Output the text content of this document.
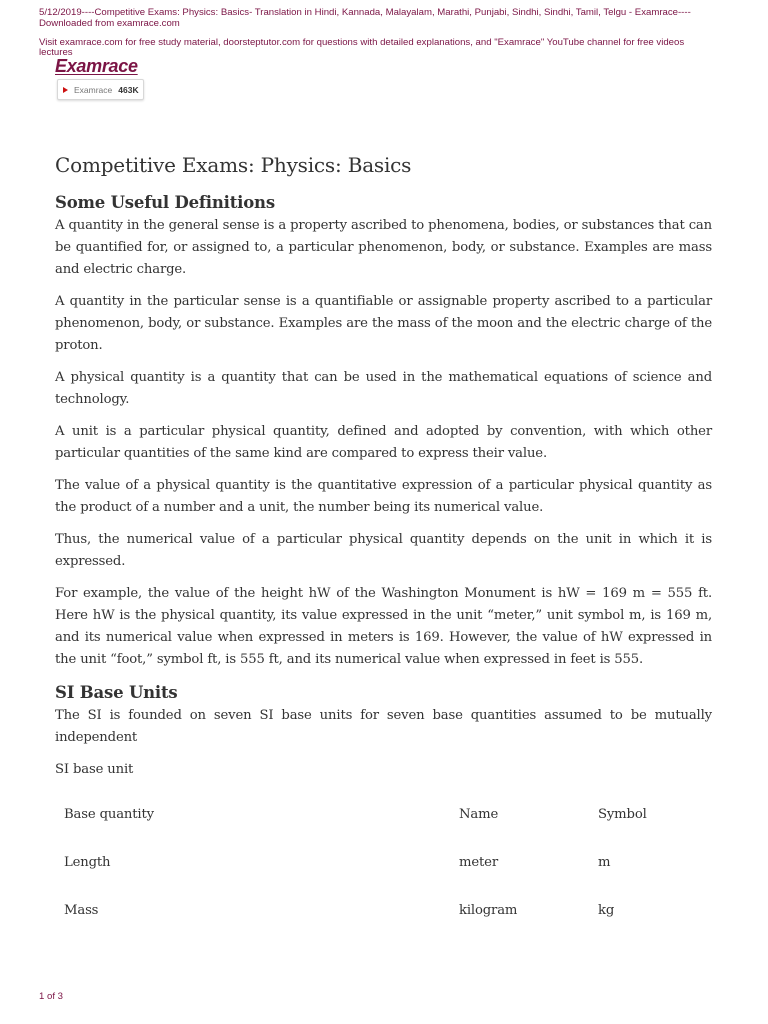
5/12/2019----Competitive Exams: Physics: Basics- Translation in Hindi, Kannada, Malayalam, Marathi, Punjabi, Sindhi, Sindhi, Tamil, Telgu - Examrace----Downloaded from examrace.com
Visit examrace.com for free study material, doorsteptutor.com for questions with detailed explanations, and "Examrace" YouTube channel for free videos lectures
Examrace
Examrace 463K
Competitive Exams: Physics: Basics
Some Useful Definitions

A quantity in the general sense is a property ascribed to phenomena, bodies, or substances that can be quantified for, or assigned to, a particular phenomenon, body, or substance. Examples are mass and electric charge.

A quantity in the particular sense is a quantifiable or assignable property ascribed to a particular phenomenon, body, or substance. Examples are the mass of the moon and the electric charge of the proton.

A physical quantity is a quantity that can be used in the mathematical equations of science and technology.

A unit is a particular physical quantity, defined and adopted by convention, with which other particular quantities of the same kind are compared to express their value.

The value of a physical quantity is the quantitative expression of a particular physical quantity as the product of a number and a unit, the number being its numerical value.

Thus, the numerical value of a particular physical quantity depends on the unit in which it is expressed.

For example, the value of the height hW of the Washington Monument is hW = 169 m = 555 ft. Here hW is the physical quantity, its value expressed in the unit “meter,” unit symbol m, is 169 m, and its numerical value when expressed in meters is 169. However, the value of hW expressed in the unit “foot,” symbol ft, is 555 ft, and its numerical value when expressed in feet is 555.

SI Base Units

The SI is founded on seven SI base units for seven base quantities assumed to be mutually independent

SI base unit

Base quantity	Name	Symbol
Length	meter	m
Mass	kilogram	kg
1 of 3
